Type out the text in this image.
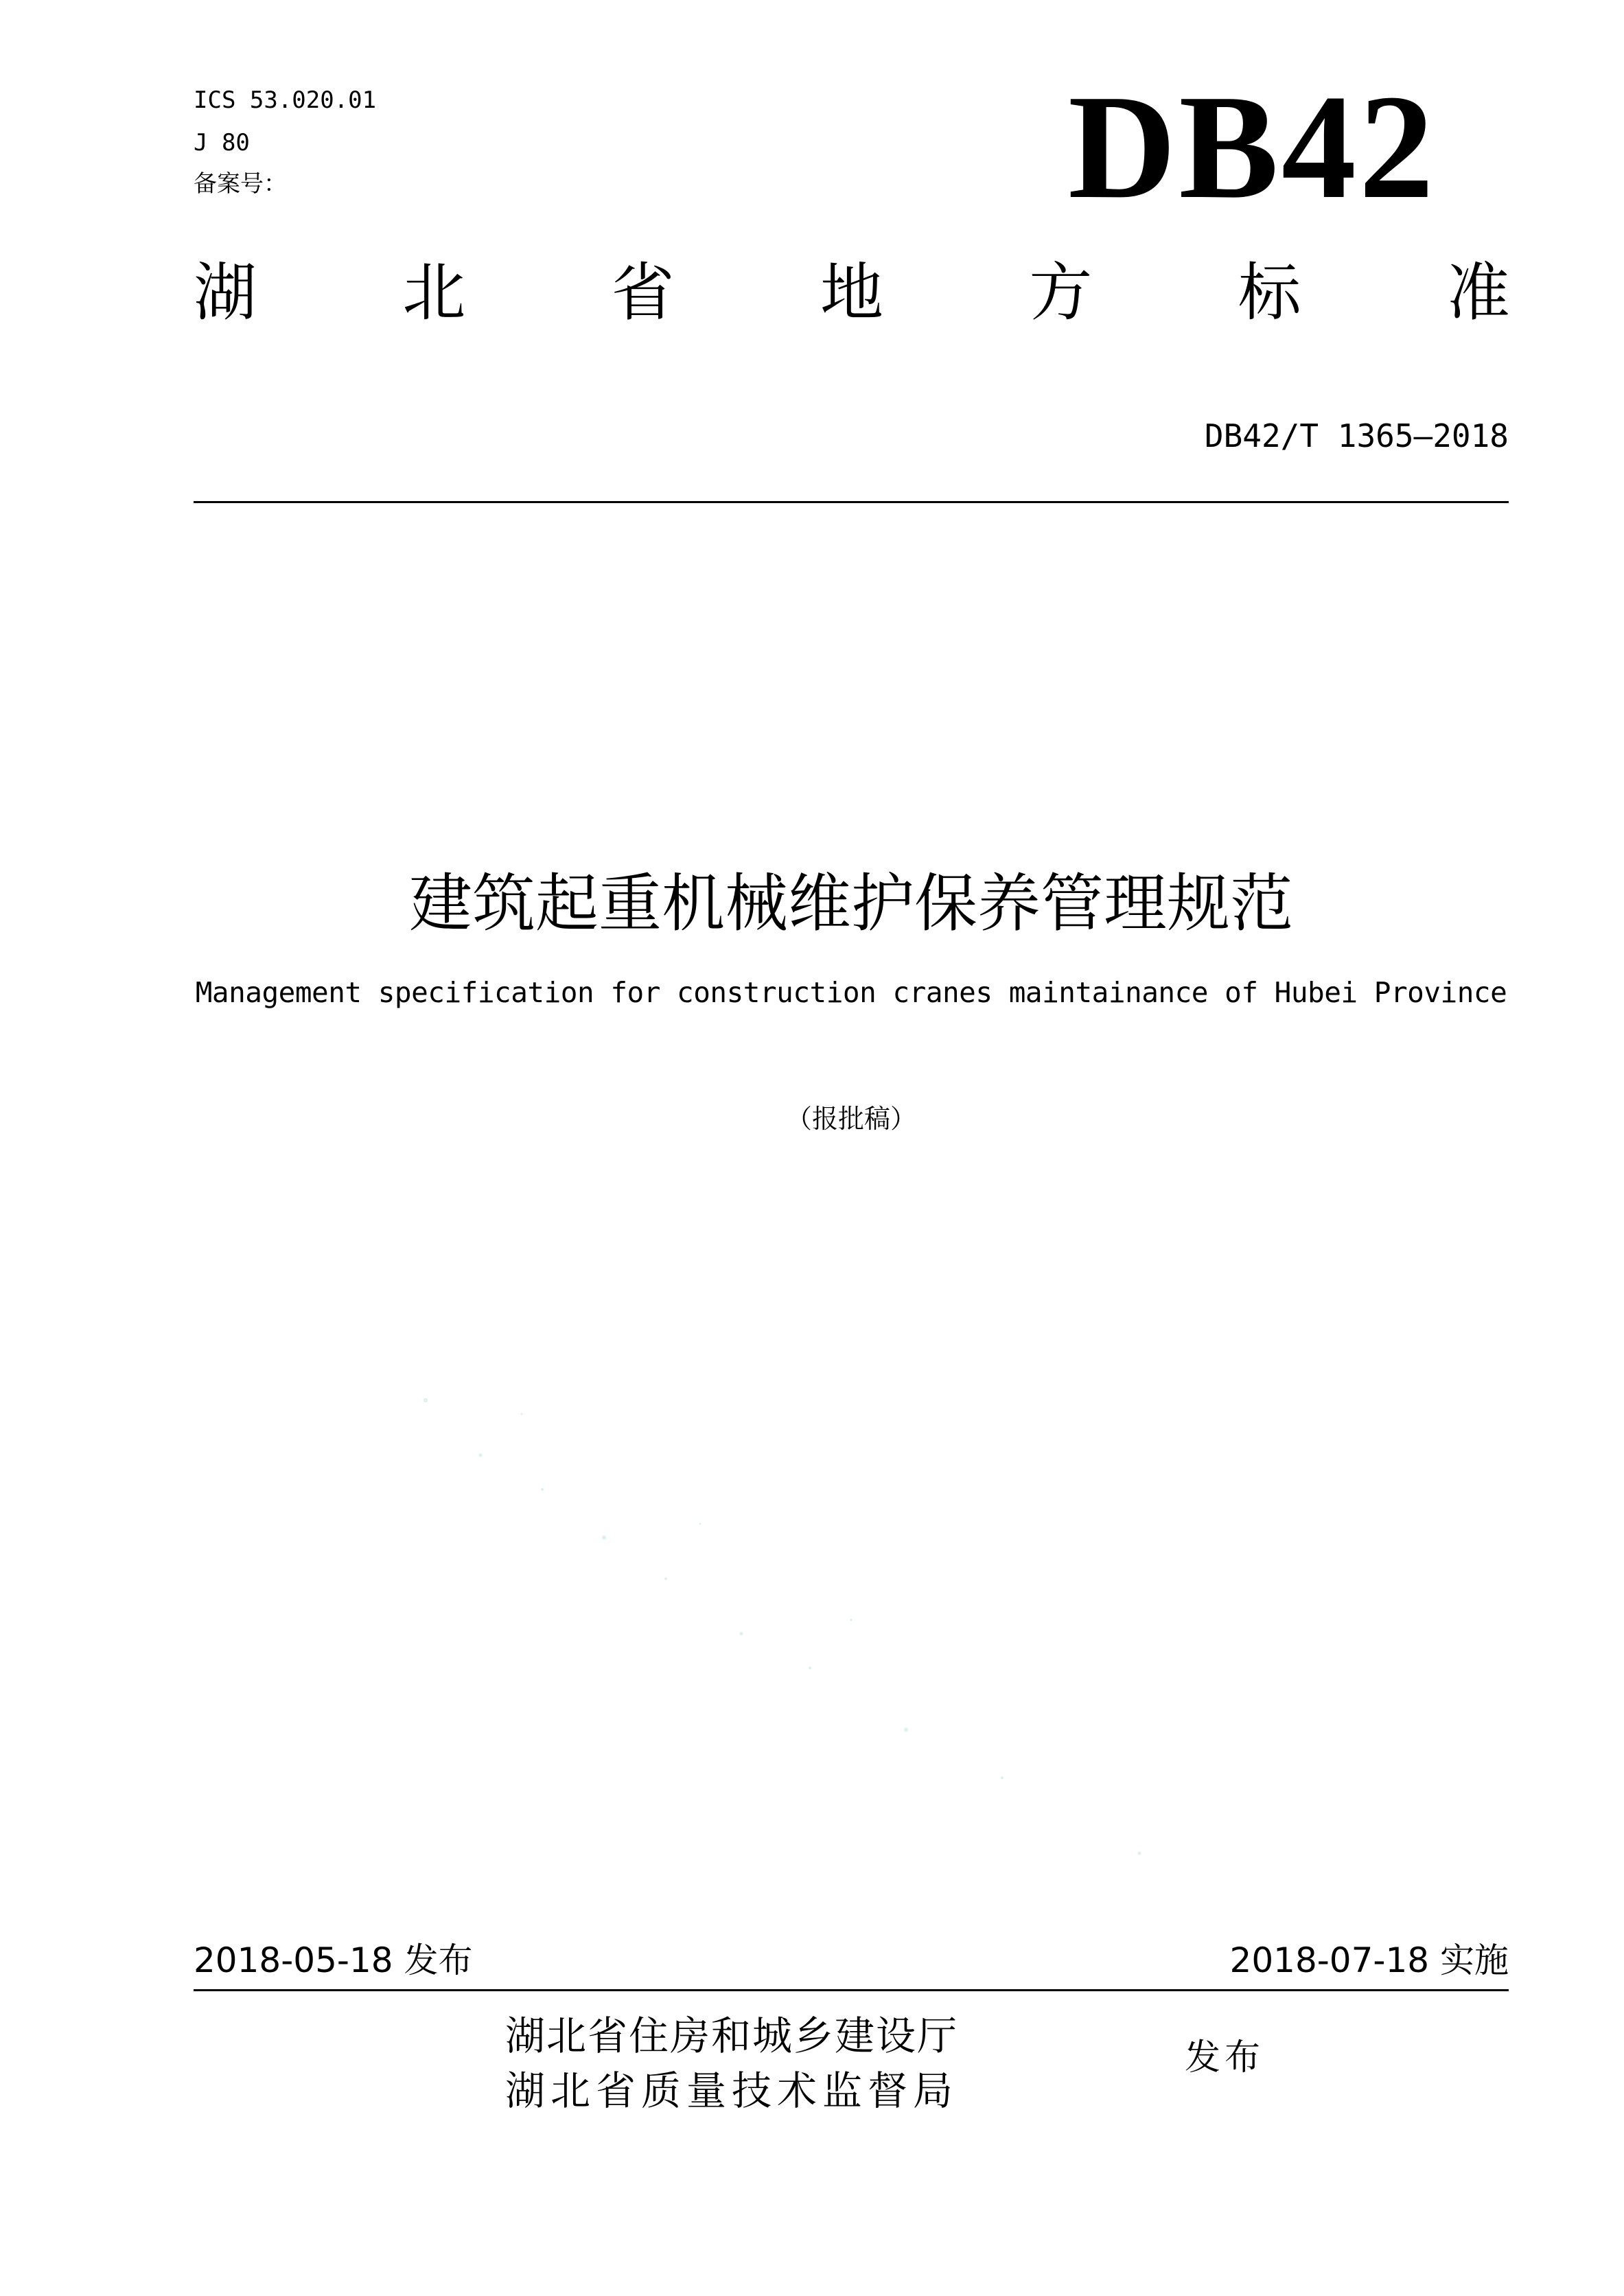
ICS 53.020.01
J 80
备案号：	DB42
湖 北 省 地 方 标 准
DB42/T 1365—2018
建筑起重机械维护保养管理规范
Management specification for construction cranes maintainance of Hubei Province
（报批稿）
2018-05-18 发布	2018-07-18 实施
湖北省住房和城乡建设厅
湖北省质量技术监督局
发布
